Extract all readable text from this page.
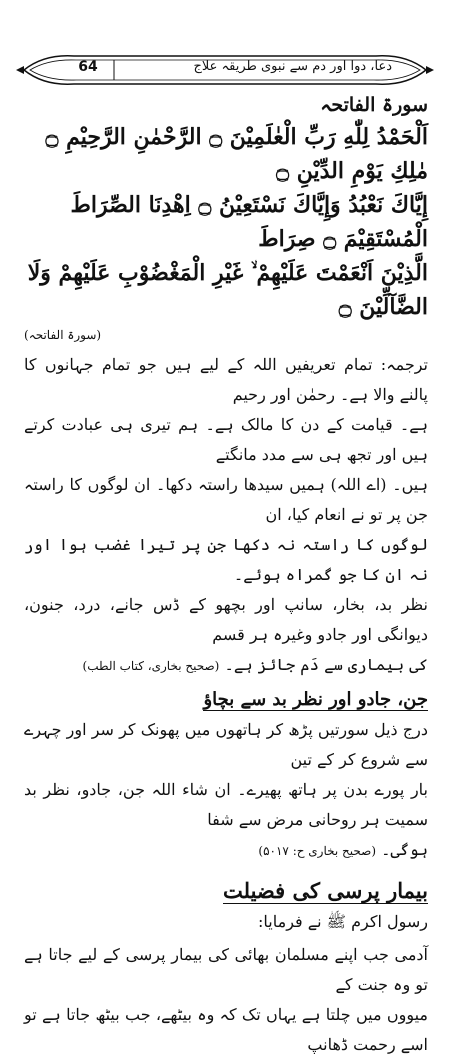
64	دعا، دوا اور دم سے نبوی طریقہ علاج
سورۃ الفاتحہ

اَلْحَمْدُ لِلّٰهِ رَبِّ الْعٰلَمِيْنَ ۝ الرَّحْمٰنِ الرَّحِيْمِ ۝ مٰلِكِ يَوْمِ الدِّيْنِ ۝

إِيَّاكَ نَعْبُدُ وَإِيَّاكَ نَسْتَعِيْنُ ۝ اِهْدِنَا الصِّرَاطَ الْمُسْتَقِيْمَ ۝ صِرَاطَ

الَّذِيْنَ اَنْعَمْتَ عَلَيْهِمْ ۙ غَيْرِ الْمَغْضُوْبِ عَلَيْهِمْ وَلَا الضَّآلِّيْنَ ۝

(سورۃ الفاتحہ)

ترجمہ: تمام تعریفیں اللہ کے لیے ہیں جو تمام جہانوں کا پالنے والا ہے۔ رحمٰن اور رحیم

ہے۔ قیامت کے دن کا مالک ہے۔ ہم تیری ہی عبادت کرتے ہیں اور تجھ ہی سے مدد مانگتے

ہیں۔ (اے اللہ) ہمیں سیدھا راستہ دکھا۔ ان لوگوں کا راستہ جن پر تو نے انعام کیا، ان

لوگوں کا راستہ نہ دکھا جن پر تیرا غضب ہوا اور نہ ان کا جو گمراہ ہوئے۔

نظر بد، بخار، سانپ اور بچھو کے ڈس جانے، درد، جنون، دیوانگی اور جادو وغیرہ ہر قسم

کی بیماری سے دَم جائز ہے۔ (صحیح بخاری، کتاب الطب)

جن، جادو اور نظر بد سے بچاؤ

درج ذیل سورتیں پڑھ کر ہاتھوں میں پھونک کر سر اور چہرے سے شروع کر کے تین

بار پورے بدن پر ہاتھ پھیرے۔ ان شاء اللہ جن، جادو، نظر بد سمیت ہر روحانی مرض سے شفا

ہوگی۔ (صحیح بخاری ح: ۵۰۱۷)

بیمار پرسی کی فضیلت

رسول اکرم ﷺ نے فرمایا:

آدمی جب اپنے مسلمان بھائی کی بیمار پرسی کے لیے جاتا ہے تو وہ جنت کے

میووں میں چلتا ہے یہاں تک کہ وہ بیٹھے، جب بیٹھ جاتا ہے تو اسے رحمت ڈھانپ
